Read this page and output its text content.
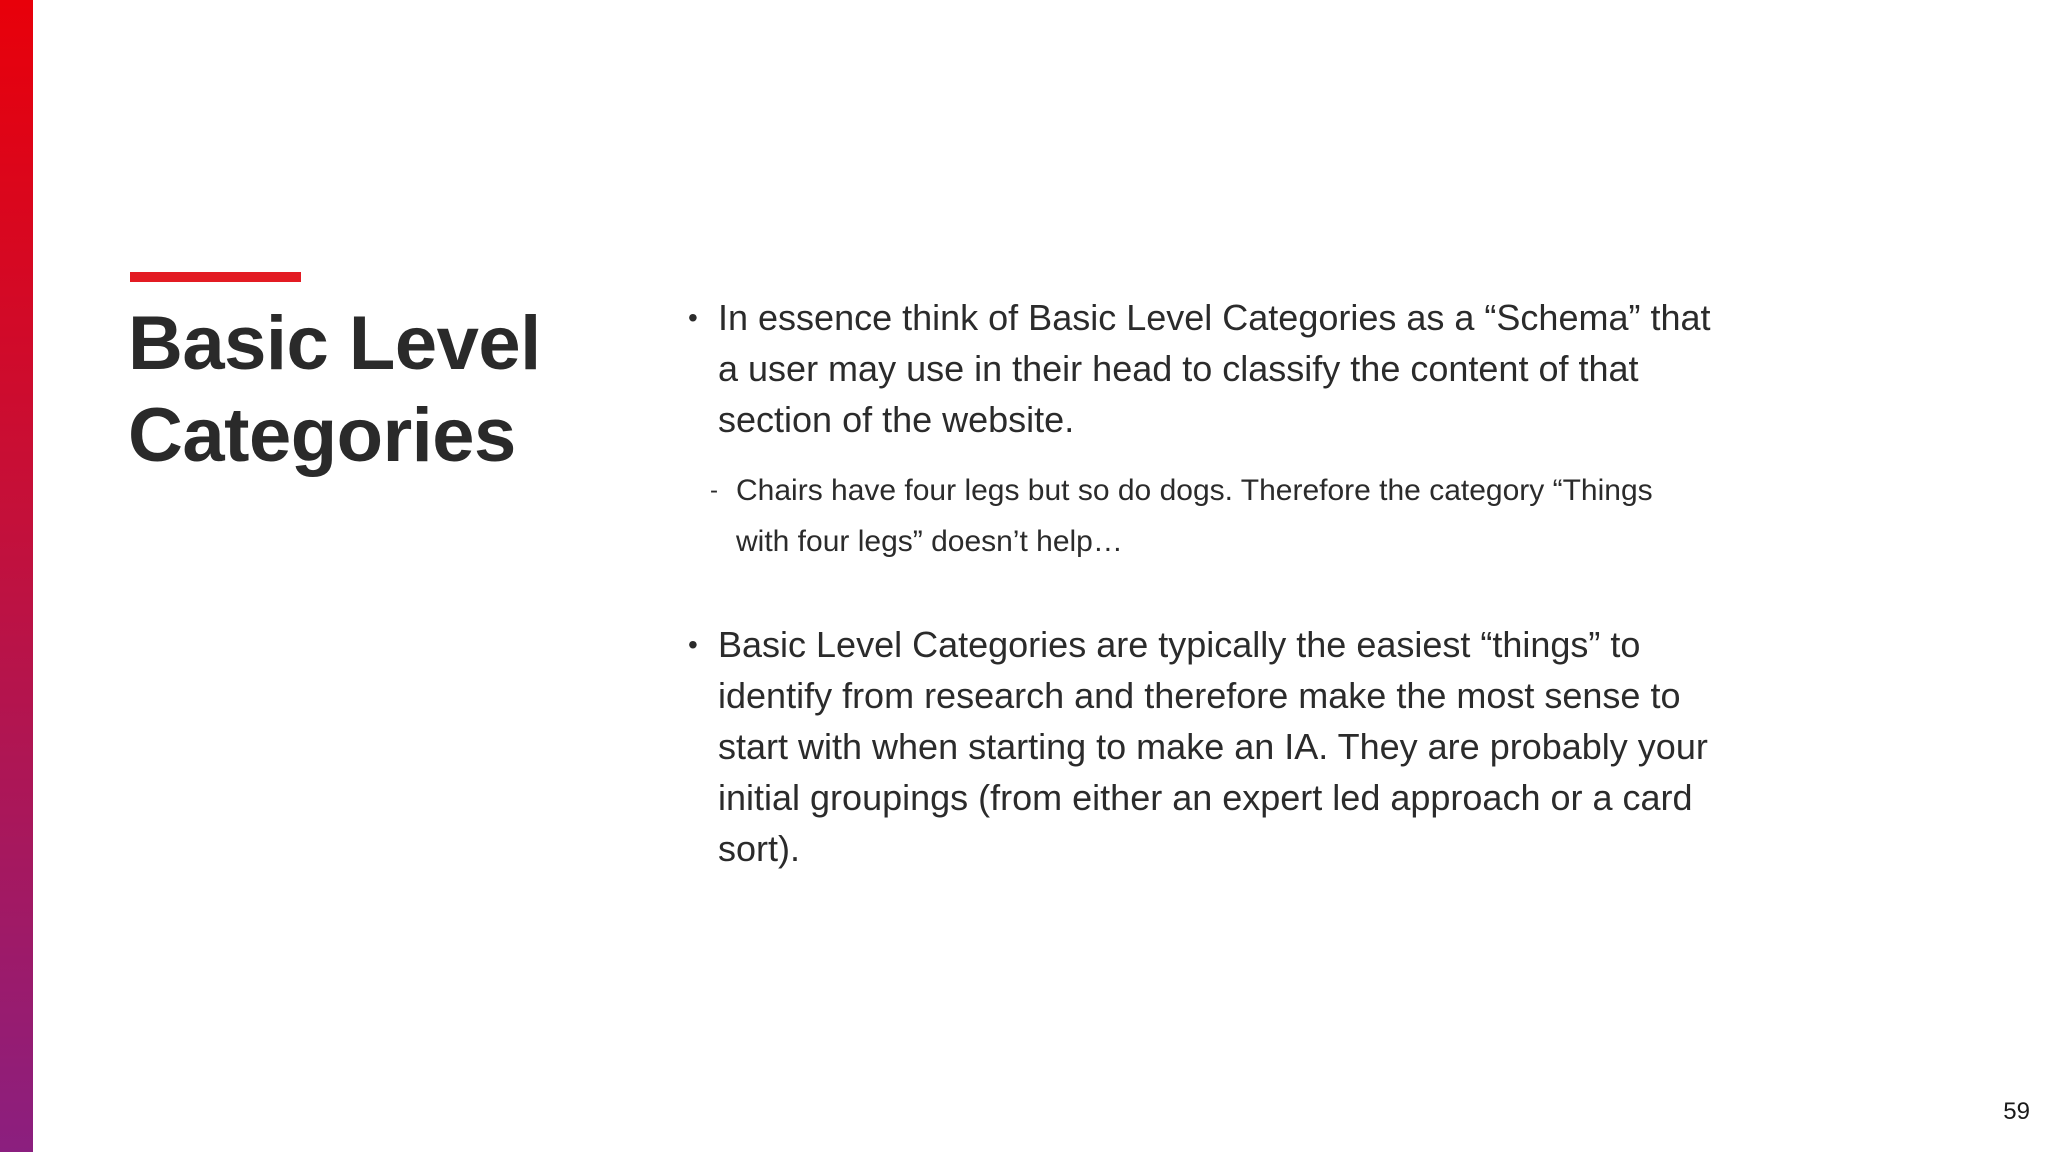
Basic Level Categories
• In essence think of Basic Level Categories as a “Schema” that a user may use in their head to classify the content of that section of the website.
- Chairs have four legs but so do dogs. Therefore the category “Things with four legs” doesn’t help…
• Basic Level Categories are typically the easiest “things” to identify from research and therefore make the most sense to start with when starting to make an IA. They are probably your initial groupings (from either an expert led approach or a card sort).
59
